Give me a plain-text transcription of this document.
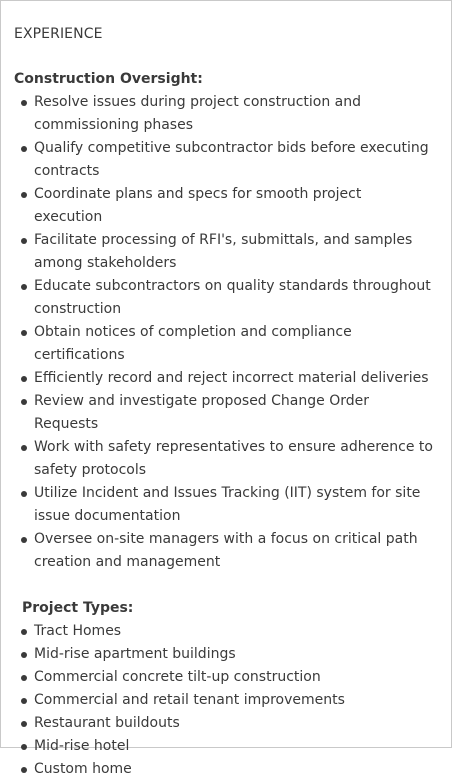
EXPERIENCE
Construction Oversight:
Resolve issues during project construction and commissioning phases
Qualify competitive subcontractor bids before executing contracts
Coordinate plans and specs for smooth project execution
Facilitate processing of RFI's, submittals, and samples among stakeholders
Educate subcontractors on quality standards throughout construction
Obtain notices of completion and compliance certifications
Efficiently record and reject incorrect material deliveries
Review and investigate proposed Change Order Requests
Work with safety representatives to ensure adherence to safety protocols
Utilize Incident and Issues Tracking (IIT) system for site issue documentation
Oversee on-site managers with a focus on critical path creation and management
Project Types:
Tract Homes
Mid-rise apartment buildings
Commercial concrete tilt-up construction
Commercial and retail tenant improvements
Restaurant buildouts
Mid-rise hotel
Custom home
